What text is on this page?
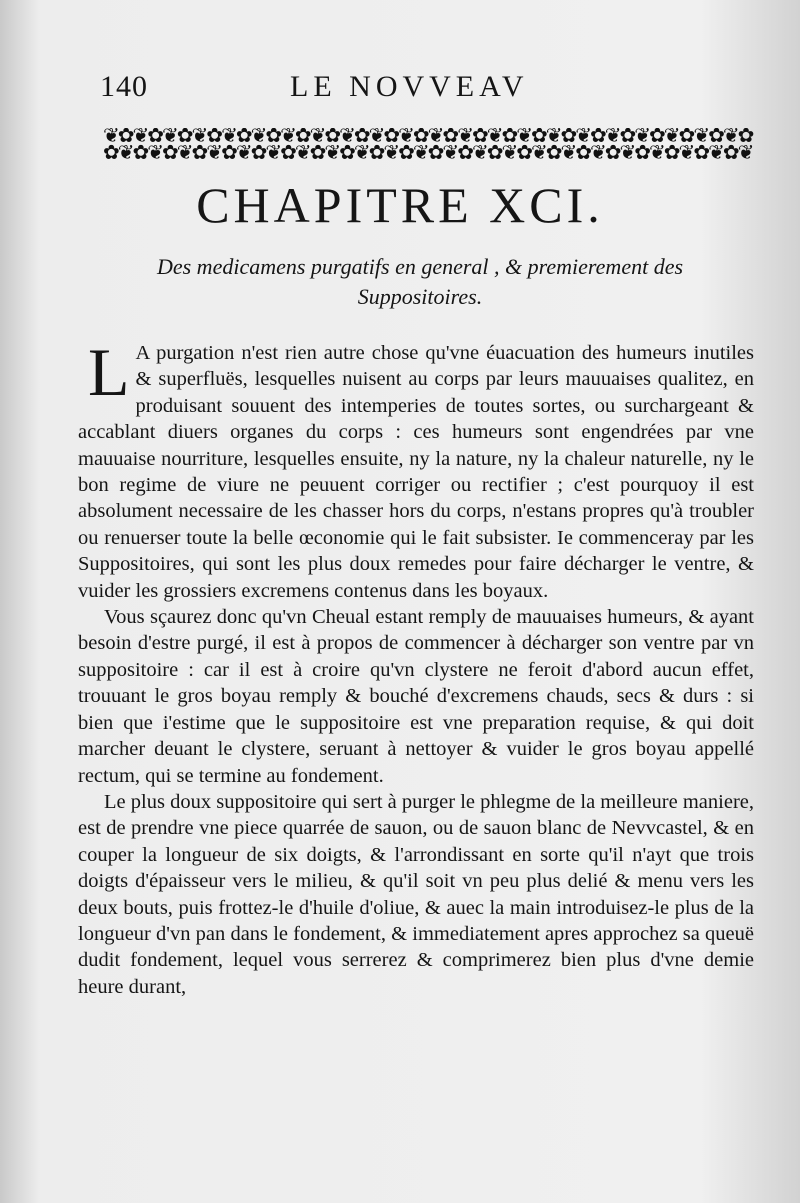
140	LE NOVVEAV
❦✿❦✿❦✿❦✿❦✿❦✿❦✿❦✿❦✿❦✿❦✿❦✿❦✿❦✿❦✿❦✿❦✿❦✿❦✿❦✿❦✿❦✿
✿❦✿❦✿❦✿❦✿❦✿❦✿❦✿❦✿❦✿❦✿❦✿❦✿❦✿❦✿❦✿❦✿❦✿❦✿❦✿❦✿❦✿❦
CHAPITRE XCI.
Des medicamens purgatifs en general , & premierement des Suppositoires.

L A purgation n'est rien autre chose qu'vne éuacuation des humeurs inutiles & superfluës, lesquelles nuisent au corps par leurs mauuaises qualitez, en produisant souuent des intemperies de toutes sortes, ou surchargeant & accablant diuers organes du corps : ces humeurs sont engendrées par vne mauuaise nourriture, lesquelles ensuite, ny la nature, ny la chaleur naturelle, ny le bon regime de viure ne peuuent corriger ou rectifier ; c'est pourquoy il est absolument necessaire de les chasser hors du corps, n'estans propres qu'à troubler ou renuerser toute la belle œconomie qui le fait subsister. Ie commenceray par les Suppositoires, qui sont les plus doux remedes pour faire décharger le ventre, & vuider les grossiers excremens contenus dans les boyaux.

Vous sçaurez donc qu'vn Cheual estant remply de mauuaises humeurs, & ayant besoin d'estre purgé, il est à propos de commencer à décharger son ventre par vn suppositoire : car il est à croire qu'vn clystere ne feroit d'abord aucun effet, trouuant le gros boyau remply & bouché d'excremens chauds, secs & durs : si bien que i'estime que le suppositoire est vne preparation requise, & qui doit marcher deuant le clystere, seruant à nettoyer & vuider le gros boyau appellé rectum, qui se termine au fondement.

Le plus doux suppositoire qui sert à purger le phlegme de la meilleure maniere, est de prendre vne piece quarrée de sauon, ou de sauon blanc de Nevvcastel, & en couper la longueur de six doigts, & l'arrondissant en sorte qu'il n'ayt que trois doigts d'épaisseur vers le milieu, & qu'il soit vn peu plus delié & menu vers les deux bouts, puis frottez-le d'huile d'oliue, & auec la main introduisez-le plus de la longueur d'vn pan dans le fondement, & immediatement apres approchez sa queuë dudit fondement, lequel vous serrerez & comprimerez bien plus d'vne demie heure durant,
